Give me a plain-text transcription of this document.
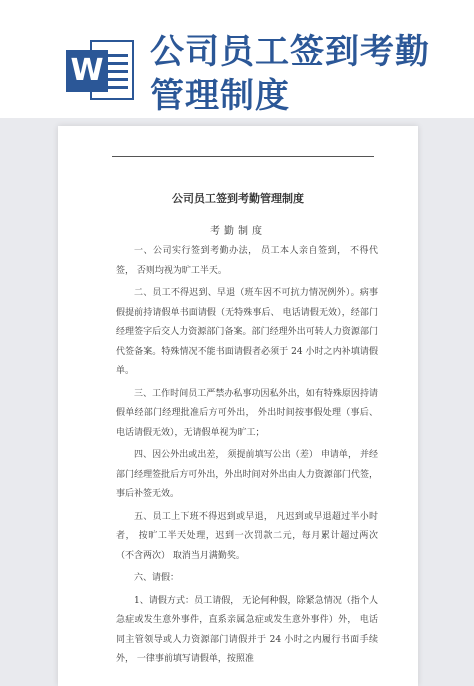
W 公司员工签到考勤管理制度
公司员工签到考勤管理制度
考勤制度

一、公司实行签到考勤办法， 员工本人亲自签到， 不得代签， 否则均视为旷工半天。

二、员工不得迟到、早退（班车因不可抗力情况例外）。病事假提前持请假单书面请假（无特殊事后、 电话请假无效），经部门经理签字后交人力资源部门备案。部门经理外出可转人力资源部门代签备案。特殊情况不能书面请假者必须于 24 小时之内补填请假单。

三、工作时间员工严禁办私事功因私外出，如有特殊原因持请假单经部门经理批准后方可外出， 外出时间按事假处理（事后、 电话请假无效），无请假单视为旷工；

四、因公外出或出差， 须提前填写公出（差） 申请单， 并经部门经理签批后方可外出，外出时间对外出由人力资源部门代签，事后补签无效。

五、员工上下班不得迟到或早退， 凡迟到或早退超过半小时者， 按旷工半天处理，迟到一次罚款二元，每月累计超过两次（不含两次） 取消当月满勤奖。

六、请假：

1、请假方式：员工请假， 无论何种假，除紧急情况（指个人急症或发生意外事件，直系亲属急症或发生意外事件）外， 电话同主管领导或人力资源部门请假并于 24 小时之内履行书面手续外， 一律事前填写请假单，按照准
